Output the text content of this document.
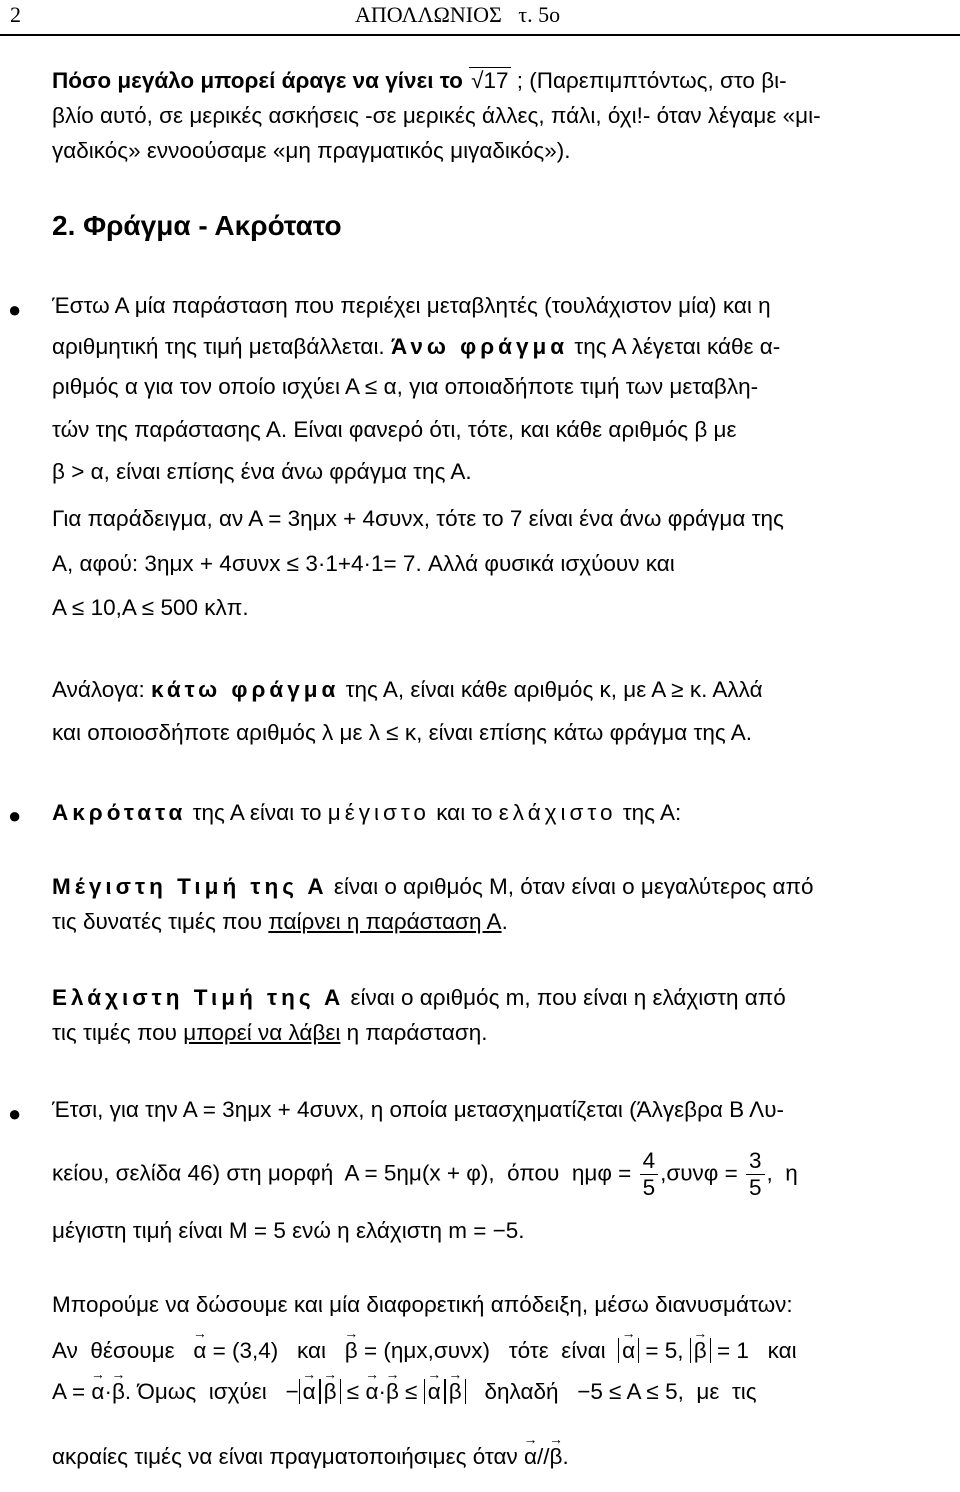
2	ΑΠΟΛΛΩΝΙΟΣ   τ. 5ο
Πόσο μεγάλο μπορεί άραγε να γίνει το √17 ; (Παρεπιμπτόντως, στο βι-
βλίο αυτό, σε μερικές ασκήσεις -σε μερικές άλλες, πάλι, όχι!- όταν λέγαμε «μι-
γαδικός» εννοούσαμε «μη πραγματικός μιγαδικός»).
2. Φράγμα - Ακρότατο
● Έστω Α μία παράσταση που περιέχει μεταβλητές (τουλάχιστον μία) και η
αριθμητική της τιμή μεταβάλλεται. Άνω φράγμα της Α λέγεται κάθε α-
ριθμός α για τον οποίο ισχύει Α ≤ α, για οποιαδήποτε τιμή των μεταβλη-
τών της παράστασης Α. Είναι φανερό ότι, τότε, και κάθε αριθμός β με
β > α, είναι επίσης ένα άνω φράγμα της Α.
Για παράδειγμα, αν Α = 3ημx + 4συνx, τότε το 7 είναι ένα άνω φράγμα της
Α, αφού: 3ημx + 4συνx ≤ 3·1+4·1= 7. Αλλά φυσικά ισχύουν και
Α ≤ 10,Α ≤ 500 κλπ.
Ανάλογα: κάτω φράγμα της Α, είναι κάθε αριθμός κ, με Α ≥ κ. Αλλά
και οποιοσδήποτε αριθμός λ με λ ≤ κ, είναι επίσης κάτω φράγμα της Α.
● Ακρότατα της Α είναι το μέγιστο και το ελάχιστο της Α:
Μέγιστη Τιμή της Α είναι ο αριθμός Μ, όταν είναι ο μεγαλύτερος από
τις δυνατές τιμές που παίρνει η παράσταση Α.
Ελάχιστη Τιμή της Α είναι ο αριθμός m, που είναι η ελάχιστη από
τις τιμές που μπορεί να λάβει η παράσταση.
● Έτσι, για την Α = 3ημx + 4συνx, η οποία μετασχηματίζεται (Άλγεβρα Β Λυ-
κείου, σελίδα 46) στη μορφή  Α = 5ημ(x + φ),  όπου  $\eta\mu\varphi = \frac{4}{5} ,\sigma\upsilon\nu\varphi = \frac{3}{5}$ ,  η
μέγιστη τιμή είναι Μ = 5 ενώ η ελάχιστη m = −5.
Μπορούμε να δώσουμε και μία διαφορετική απόδειξη, μέσω διανυσμάτων:
Αν  θέσουμε   → α = (3,4)   και   → β = (ημx,συνx)   τότε  είναι  → α = 5, → β = 1   και
Α = → α·→ β. Όμως  ισχύει   − → α → β ≤ → α·→ β ≤ → α → β   δηλαδή   −5 ≤ Α ≤ 5,  με  τις
ακραίες τιμές να είναι πραγματοποιήσιμες όταν → α//→ β.
